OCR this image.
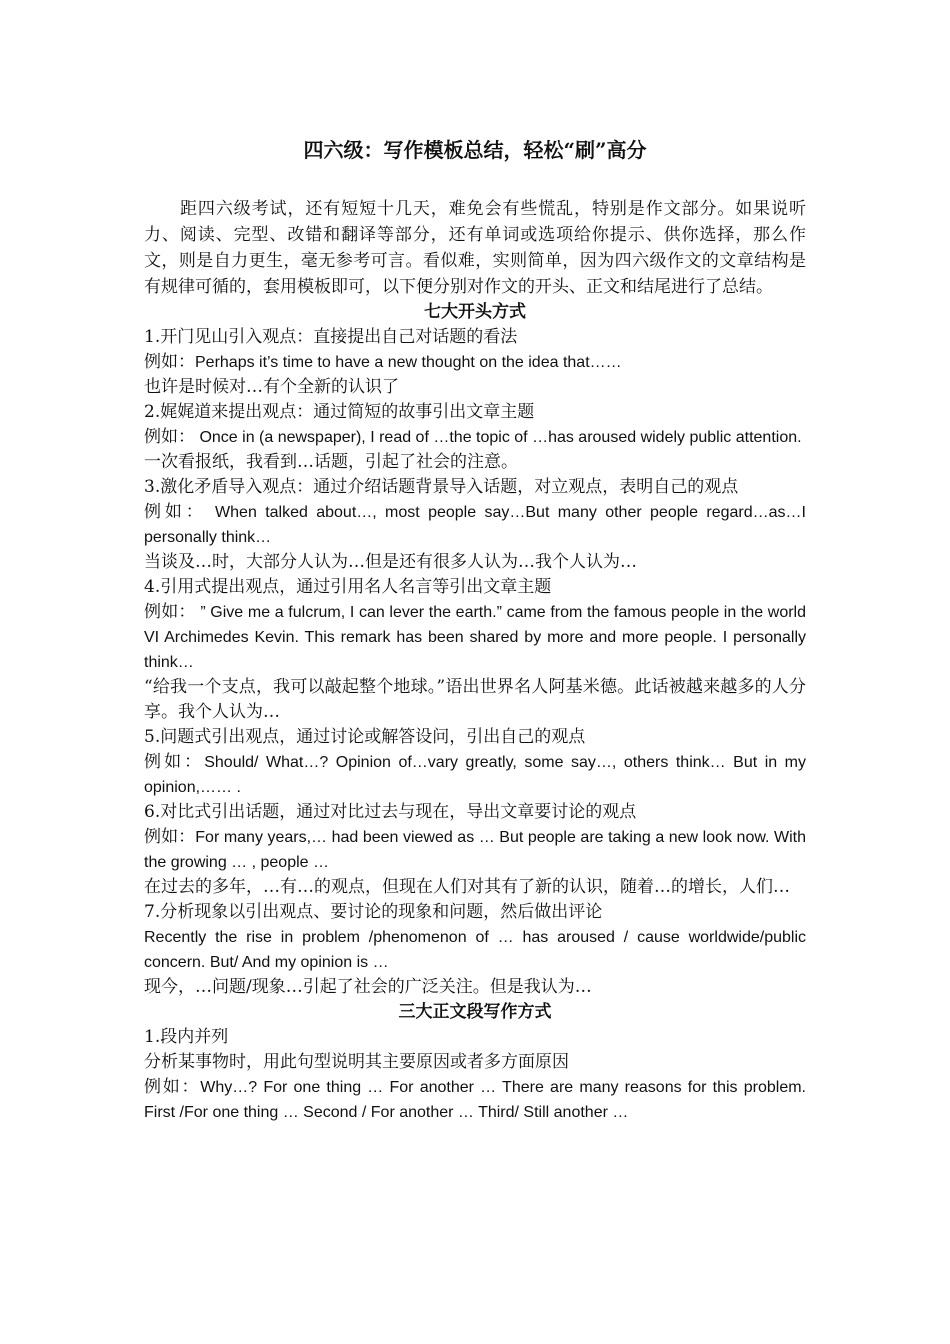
四六级：写作模板总结，轻松“刷”高分

距四六级考试，还有短短十几天，难免会有些慌乱，特别是作文部分。如果说听力、阅读、完型、改错和翻译等部分，还有单词或选项给你提示、供你选择，那么作文，则是自力更生，毫无参考可言。看似难，实则简单，因为四六级作文的文章结构是有规律可循的，套用模板即可，以下便分别对作文的开头、正文和结尾进行了总结。

七大开头方式

1.开门见山引入观点：直接提出自己对话题的看法

例如：Perhaps it’s time to have a new thought on the idea that……

也许是时候对…有个全新的认识了

2.娓娓道来提出观点：通过简短的故事引出文章主题

例如： Once in (a newspaper), I read of …the topic of …has aroused widely public attention.

一次看报纸，我看到…话题，引起了社会的注意。

3.激化矛盾导入观点：通过介绍话题背景导入话题，对立观点，表明自己的观点

例如： When talked about…, most people say…But many other people regard…as…I personally think…

当谈及…时，大部分人认为…但是还有很多人认为…我个人认为…

4.引用式提出观点，通过引用名人名言等引出文章主题

例如： ” Give me a fulcrum, I can lever the earth.” came from the famous people in the world VI Archimedes Kevin. This remark has been shared by more and more people. I personally think…

“给我一个支点，我可以敲起整个地球。”语出世界名人阿基米德。此话被越来越多的人分享。我个人认为…

5.问题式引出观点，通过讨论或解答设问，引出自己的观点

例如：Should/ What…? Opinion of…vary greatly, some say…, others think… But in my opinion,…… .

6.对比式引出话题，通过对比过去与现在，导出文章要讨论的观点

例如：For many years,… had been viewed as … But people are taking a new look now. With the growing … , people …

在过去的多年，…有…的观点，但现在人们对其有了新的认识，随着…的增长，人们…

7.分析现象以引出观点、要讨论的现象和问题，然后做出评论

Recently the rise in problem /phenomenon of … has aroused / cause worldwide/public concern. But/ And my opinion is …

现今，…问题/现象…引起了社会的广泛关注。但是我认为…

三大正文段写作方式

1.段内并列

分析某事物时，用此句型说明其主要原因或者多方面原因

例如：Why…? For one thing … For another … There are many reasons for this problem. First /For one thing … Second / For another … Third/ Still another …
